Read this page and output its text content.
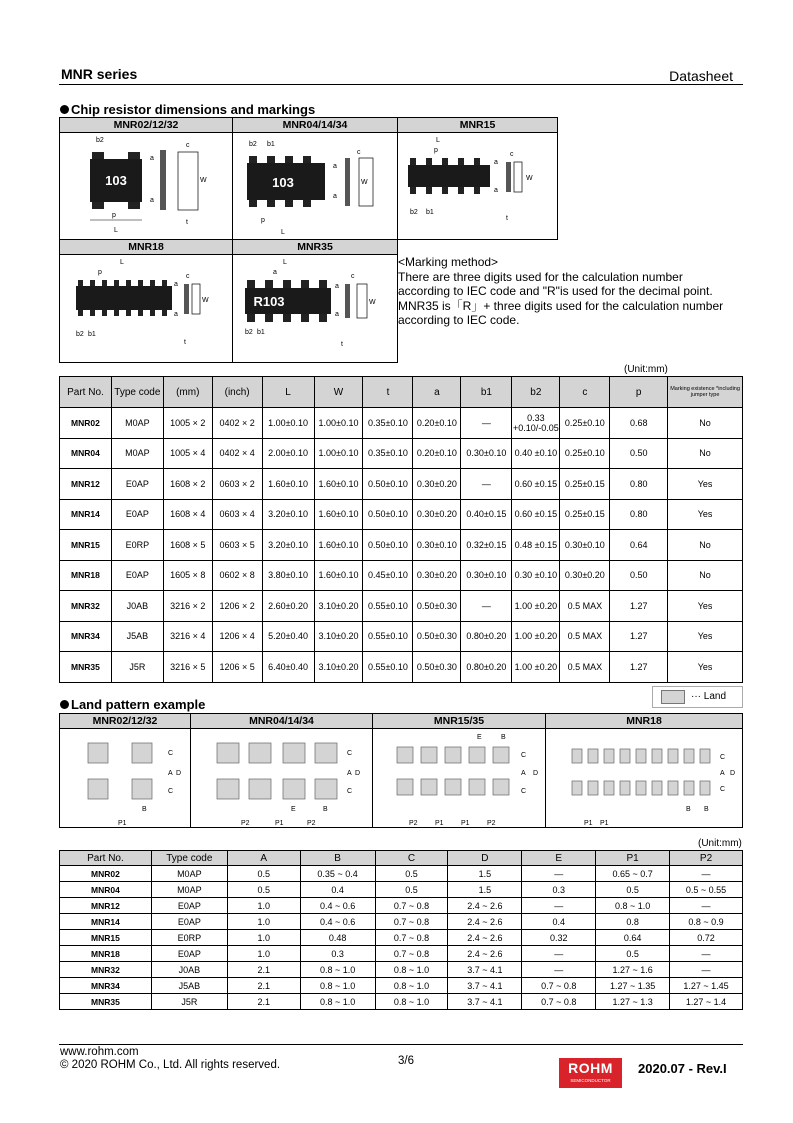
MNR series	Datasheet
Chip resistor dimensions and markings
MNR02/12/32
103
b2
c
a
a
W
p
L
t
MNR04/14/34
103
b2 b1
a
a
W
p
L
c
MNR15
L
p
a
a
W
c
b2 b1
t
MNR18
L
p
a
a
W
c
b2 b1
t
MNR35
R103
L
a
a
a
W
c
b2 b1
t
<Marking method>
There are three digits used for the calculation number
according to IEC code and "R"is used for the decimal point.
MNR35 is「R」+ three digits used for the calculation number
according to IEC code.
(Unit:mm)
Part No.	Type code	(mm)	(inch)	L	W	t	a	b1	b2	c	p	Marking existence *including jumper type
MNR02	M0AP	1005 × 2	0402 × 2	1.00±0.10	1.00±0.10	0.35±0.10	0.20±0.10	—	0.33 +0.10/-0.05	0.25±0.10	0.68	No
MNR04	M0AP	1005 × 4	0402 × 4	2.00±0.10	1.00±0.10	0.35±0.10	0.20±0.10	0.30±0.10	0.40 ±0.10	0.25±0.10	0.50	No
MNR12	E0AP	1608 × 2	0603 × 2	1.60±0.10	1.60±0.10	0.50±0.10	0.30±0.20	—	0.60 ±0.15	0.25±0.15	0.80	Yes
MNR14	E0AP	1608 × 4	0603 × 4	3.20±0.10	1.60±0.10	0.50±0.10	0.30±0.20	0.40±0.15	0.60 ±0.15	0.25±0.15	0.80	Yes
MNR15	E0RP	1608 × 5	0603 × 5	3.20±0.10	1.60±0.10	0.50±0.10	0.30±0.10	0.32±0.15	0.48 ±0.15	0.30±0.10	0.64	No
MNR18	E0AP	1605 × 8	0602 × 8	3.80±0.10	1.60±0.10	0.45±0.10	0.30±0.20	0.30±0.10	0.30 ±0.10	0.30±0.20	0.50	No
MNR32	J0AB	3216 × 2	1206 × 2	2.60±0.20	3.10±0.20	0.55±0.10	0.50±0.30	—	1.00 ±0.20	0.5 MAX	1.27	Yes
MNR34	J5AB	3216 × 4	1206 × 4	5.20±0.40	3.10±0.20	0.55±0.10	0.50±0.30	0.80±0.20	1.00 ±0.20	0.5 MAX	1.27	Yes
MNR35	J5R	3216 × 5	1206 × 5	6.40±0.40	3.10±0.20	0.55±0.10	0.50±0.30	0.80±0.20	1.00 ±0.20	0.5 MAX	1.27	Yes
Land pattern example
··· Land
MNR02/12/32
C
A D
C
B
P1
MNR04/14/34
C
A D
C
E	B
P2	P1	P2
MNR15/35
E	B
C
A D
C
P2 P1 P1 P2
MNR18
C
A D
C
B B
P1 P1
(Unit:mm)
Part No.	Type code	A	B	C	D	E	P1	P2
MNR02	M0AP	0.5	0.35 ~ 0.4	0.5	1.5	—	0.65 ~ 0.7	—
MNR04	M0AP	0.5	0.4	0.5	1.5	0.3	0.5	0.5 ~ 0.55
MNR12	E0AP	1.0	0.4 ~ 0.6	0.7 ~ 0.8	2.4 ~ 2.6	—	0.8 ~ 1.0	—
MNR14	E0AP	1.0	0.4 ~ 0.6	0.7 ~ 0.8	2.4 ~ 2.6	0.4	0.8	0.8 ~ 0.9
MNR15	E0RP	1.0	0.48	0.7 ~ 0.8	2.4 ~ 2.6	0.32	0.64	0.72
MNR18	E0AP	1.0	0.3	0.7 ~ 0.8	2.4 ~ 2.6	—	0.5	—
MNR32	J0AB	2.1	0.8 ~ 1.0	0.8 ~ 1.0	3.7 ~ 4.1	—	1.27 ~ 1.6	—
MNR34	J5AB	2.1	0.8 ~ 1.0	0.8 ~ 1.0	3.7 ~ 4.1	0.7 ~ 0.8	1.27 ~ 1.35	1.27 ~ 1.45
MNR35	J5R	2.1	0.8 ~ 1.0	0.8 ~ 1.0	3.7 ~ 4.1	0.7 ~ 0.8	1.27 ~ 1.3	1.27 ~ 1.4
www.rohm.com
© 2020 ROHM Co., Ltd. All rights reserved.	3/6	ROHM
SEMICONDUCTOR
2020.07 - Rev.I
